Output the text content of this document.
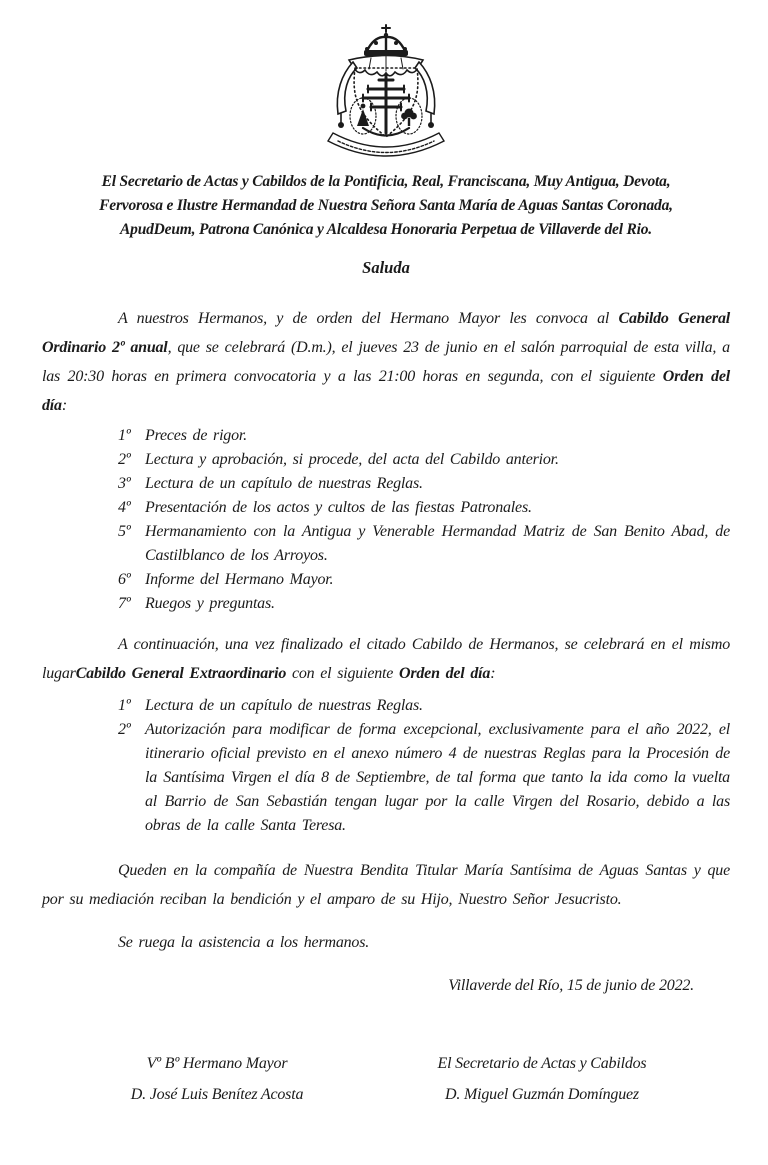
El Secretario de Actas y Cabildos de la Pontificia, Real, Franciscana, Muy Antigua, Devota,
Fervorosa e Ilustre Hermandad de Nuestra Señora Santa María de Aguas Santas Coronada,
ApudDeum, Patrona Canónica y Alcaldesa Honoraria Perpetua de Villaverde del Rio.
Saluda

A nuestros Hermanos, y de orden del Hermano Mayor les convoca al Cabildo General Ordinario 2º anual, que se celebrará (D.m.), el jueves 23 de junio en el salón parroquial de esta villa, a las 20:30 horas en primera convocatoria y a las 21:00 horas en segunda, con el siguiente Orden del día:

1º Preces de rigor.
2º Lectura y aprobación, si procede, del acta del Cabildo anterior.
3º Lectura de un capítulo de nuestras Reglas.
4º Presentación de los actos y cultos de las fiestas Patronales.
5º Hermanamiento con la Antigua y Venerable Hermandad Matriz de San Benito Abad, de Castilblanco de los Arroyos.
6º Informe del Hermano Mayor.
7º Ruegos y preguntas.

A continuación, una vez finalizado el citado Cabildo de Hermanos, se celebrará en el mismo lugarCabildo General Extraordinario con el siguiente Orden del día:

1º Lectura de un capítulo de nuestras Reglas.
2º Autorización para modificar de forma excepcional, exclusivamente para el año 2022, el itinerario oficial previsto en el anexo número 4 de nuestras Reglas para la Procesión de la Santísima Virgen el día 8 de Septiembre, de tal forma que tanto la ida como la vuelta al Barrio de San Sebastián tengan lugar por la calle Virgen del Rosario, debido a las obras de la calle Santa Teresa.

Queden en la compañía de Nuestra Bendita Titular María Santísima de Aguas Santas y que por su mediación reciban la bendición y el amparo de su Hijo, Nuestro Señor Jesucristo.

Se ruega la asistencia a los hermanos.

Villaverde del Río, 15 de junio de 2022.
Vº Bº Hermano Mayor
D. José Luis Benítez Acosta
El Secretario de Actas y Cabildos
D. Miguel Guzmán Domínguez
